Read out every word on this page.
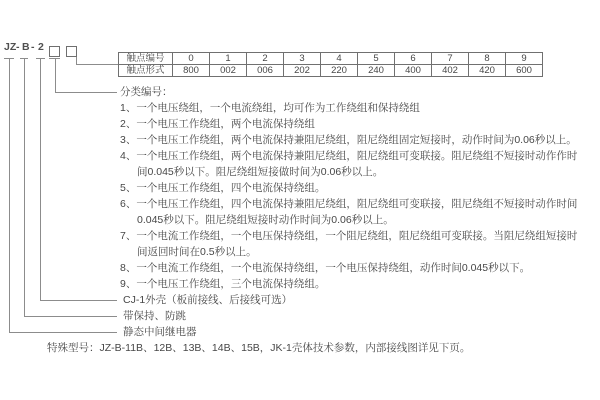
JZ - B - 2
触点编号	0	1	2	3	4	5	6	7	8	9
触点形式	800	002	006	202	220	240	400	402	420	600
分类编号：
1、一个电压绕组，一个电流绕组，均可作为工作绕组和保持绕组
2、一个电压工作绕组，两个电流保持绕组
3、一个电压工作绕组，两个电流保持兼阻尼绕组，阻尼绕组固定短接时，动作时间为0.06秒以上。
4、一个电压工作绕组，两个电流保持兼阻尼绕组，阻尼绕组可变联接。阻尼绕组不短接时动作作时
间0.045秒以下。阻尼绕组短接做时间为0.06秒以上。
5、一个电压工作绕组，四个电流保持绕组。
6、一个电压工作绕组，四个电流保持兼阻尼绕组，阻尼绕组可变联接，阻尼绕组不短接时动作时间
0.045秒以下。阻尼绕组短接时动作时间为0.06秒以上。
7、一个电流工作绕组，一个电压保持绕组，一个阻尼绕组，阻尼绕组可变联接。当阻尼绕组短接时
间返回时间在0.5秒以上。
8、一个电流工作绕组，一个电流保持绕组，一个电压保持绕组，动作时间0.045秒以下。
9、一个电压工作绕组，三个电流保持绕组。
CJ-1外壳（板前接线、后接线可选）
带保持、防跳
静态中间继电器
特殊型号：JZ-B-11B、12B、13B、14B、15B，JK-1壳体技术参数，内部接线图详见下页。
